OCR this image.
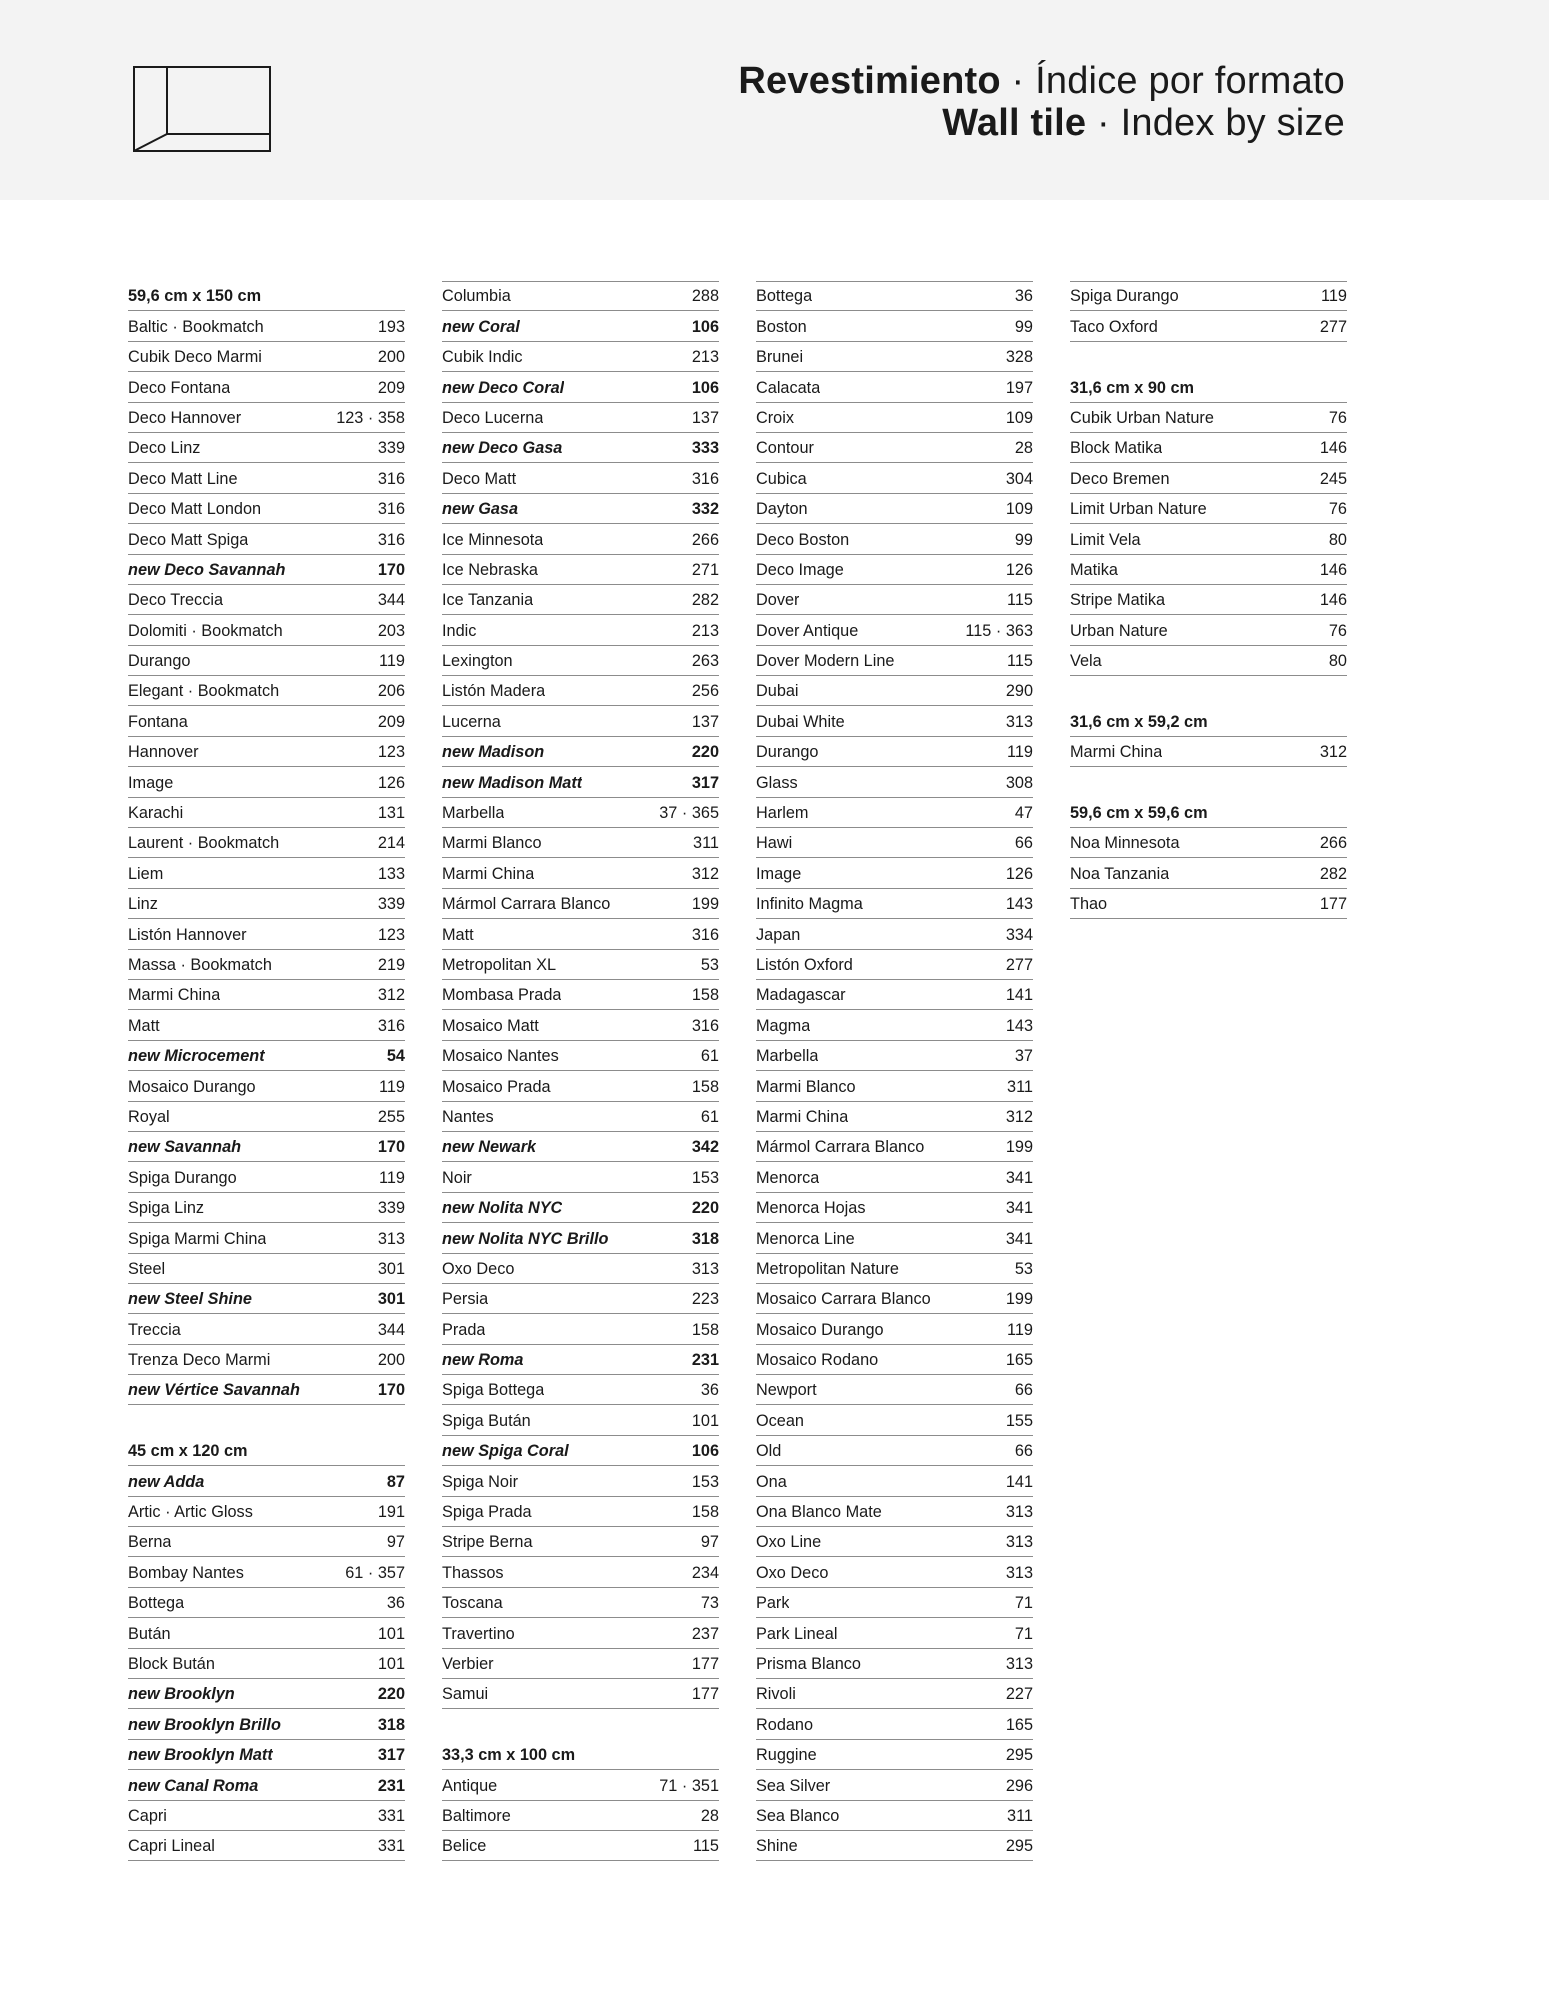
Revestimiento · Índice por formato
Wall tile · Index by size
59,6 cm x 150 cm
Baltic · Bookmatch	193
Cubik Deco Marmi	200
Deco Fontana	209
Deco Hannover	123 · 358
Deco Linz	339
Deco Matt Line	316
Deco Matt London	316
Deco Matt Spiga	316
new Deco Savannah	170
Deco Treccia	344
Dolomiti · Bookmatch	203
Durango	119
Elegant · Bookmatch	206
Fontana	209
Hannover	123
Image	126
Karachi	131
Laurent · Bookmatch	214
Liem	133
Linz	339
Listón Hannover	123
Massa · Bookmatch	219
Marmi China	312
Matt	316
new Microcement	54
Mosaico Durango	119
Royal	255
new Savannah	170
Spiga Durango	119
Spiga Linz	339
Spiga Marmi China	313
Steel	301
new Steel Shine	301
Treccia	344
Trenza Deco Marmi	200
new Vértice Savannah	170
45 cm x 120 cm
new Adda	87
Artic · Artic Gloss	191
Berna	97
Bombay Nantes	61 · 357
Bottega	36
Bután	101
Block Bután	101
new Brooklyn	220
new Brooklyn Brillo	318
new Brooklyn Matt	317
new Canal Roma	231
Capri	331
Capri Lineal	331
Columbia	288
new Coral	106
Cubik Indic	213
new Deco Coral	106
Deco Lucerna	137
new Deco Gasa	333
Deco Matt	316
new Gasa	332
Ice Minnesota	266
Ice Nebraska	271
Ice Tanzania	282
Indic	213
Lexington	263
Listón Madera	256
Lucerna	137
new Madison	220
new Madison Matt	317
Marbella	37 · 365
Marmi Blanco	311
Marmi China	312
Mármol Carrara Blanco	199
Matt	316
Metropolitan XL	53
Mombasa Prada	158
Mosaico Matt	316
Mosaico Nantes	61
Mosaico Prada	158
Nantes	61
new Newark	342
Noir	153
new Nolita NYC	220
new Nolita NYC Brillo	318
Oxo Deco	313
Persia	223
Prada	158
new Roma	231
Spiga Bottega	36
Spiga Bután	101
new Spiga Coral	106
Spiga Noir	153
Spiga Prada	158
Stripe Berna	97
Thassos	234
Toscana	73
Travertino	237
Verbier	177
Samui	177
33,3 cm x 100 cm
Antique	71 · 351
Baltimore	28
Belice	115
Bottega	36
Boston	99
Brunei	328
Calacata	197
Croix	109
Contour	28
Cubica	304
Dayton	109
Deco Boston	99
Deco Image	126
Dover	115
Dover Antique	115 · 363
Dover Modern Line	115
Dubai	290
Dubai White	313
Durango	119
Glass	308
Harlem	47
Hawi	66
Image	126
Infinito Magma	143
Japan	334
Listón Oxford	277
Madagascar	141
Magma	143
Marbella	37
Marmi Blanco	311
Marmi China	312
Mármol Carrara Blanco	199
Menorca	341
Menorca Hojas	341
Menorca Line	341
Metropolitan Nature	53
Mosaico Carrara Blanco	199
Mosaico Durango	119
Mosaico Rodano	165
Newport	66
Ocean	155
Old	66
Ona	141
Ona Blanco Mate	313
Oxo Line	313
Oxo Deco	313
Park	71
Park Lineal	71
Prisma Blanco	313
Rivoli	227
Rodano	165
Ruggine	295
Sea Silver	296
Sea Blanco	311
Shine	295
Spiga Durango	119
Taco Oxford	277
31,6 cm x 90 cm
Cubik Urban Nature	76
Block Matika	146
Deco Bremen	245
Limit Urban Nature	76
Limit Vela	80
Matika	146
Stripe Matika	146
Urban Nature	76
Vela	80
31,6 cm x 59,2 cm
Marmi China	312
59,6 cm x 59,6 cm
Noa Minnesota	266
Noa Tanzania	282
Thao	177
